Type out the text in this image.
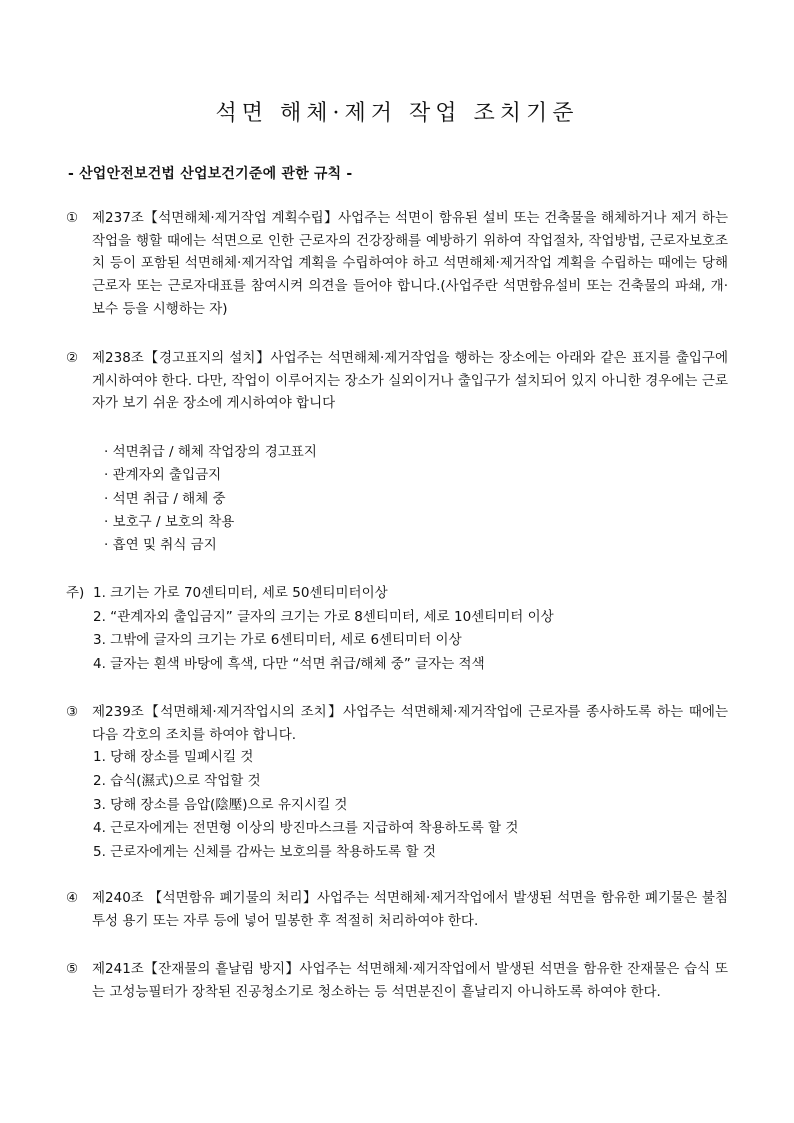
석면 해체·제거 작업 조치기준
- 산업안전보건법 산업보건기준에 관한 규칙 -
①	제237조【석면해체·제거작업 계획수립】사업주는 석면이 함유된 설비 또는 건축물을 해체하거나 제거 하는 작업을 행할 때에는 석면으로 인한 근로자의 건강장해를 예방하기 위하여 작업절차, 작업방법, 근로자보호조치 등이 포함된 석면해체·제거작업 계획을 수립하여야 하고 석면해체·제거작업 계획을 수립하는 때에는 당해 근로자 또는 근로자대표를 참여시켜 의견을 들어야 합니다.(사업주란 석면함유설비 또는 건축물의 파쇄, 개·보수 등을 시행하는 자)
②	제238조【경고표지의 설치】사업주는 석면해체·제거작업을 행하는 장소에는 아래와 같은 표지를 출입구에 게시하여야 한다. 다만, 작업이 이루어지는 장소가 실외이거나 출입구가 설치되어 있지 아니한 경우에는 근로자가 보기 쉬운 장소에 게시하여야 합니다
· 석면취급 / 해체 작업장의 경고표지
· 관계자외 출입금지
· 석면 취급 / 해체 중
· 보호구 / 보호의 착용
· 흡연 및 취식 금지
주) 1. 크기는 가로 70센티미터, 세로 50센티미터이상
2. “관계자외 출입금지” 글자의 크기는 가로 8센티미터, 세로 10센티미터 이상
3. 그밖에 글자의 크기는 가로 6센티미터, 세로 6센티미터 이상
4. 글자는 흰색 바탕에 흑색, 다만 “석면 취급/해체 중” 글자는 적색
③	제239조【석면해체·제거작업시의 조치】사업주는 석면해체·제거작업에 근로자를 종사하도록 하는 때에는 다음 각호의 조치를 하여야 합니다.
1. 당해 장소를 밀폐시킬 것
2. 습식(濕式)으로 작업할 것
3. 당해 장소를 음압(陰壓)으로 유지시킬 것
4. 근로자에게는 전면형 이상의 방진마스크를 지급하여 착용하도록 할 것
5. 근로자에게는 신체를 감싸는 보호의를 착용하도록 할 것
④	제240조 【석면함유 폐기물의 처리】사업주는 석면해체·제거작업에서 발생된 석면을 함유한 폐기물은 불침투성 용기 또는 자루 등에 넣어 밀봉한 후 적절히 처리하여야 한다.
⑤	제241조【잔재물의 흩날림 방지】사업주는 석면해체·제거작업에서 발생된 석면을 함유한 잔재물은 습식 또는 고성능필터가 장착된 진공청소기로 청소하는 등 석면분진이 흩날리지 아니하도록 하여야 한다.
